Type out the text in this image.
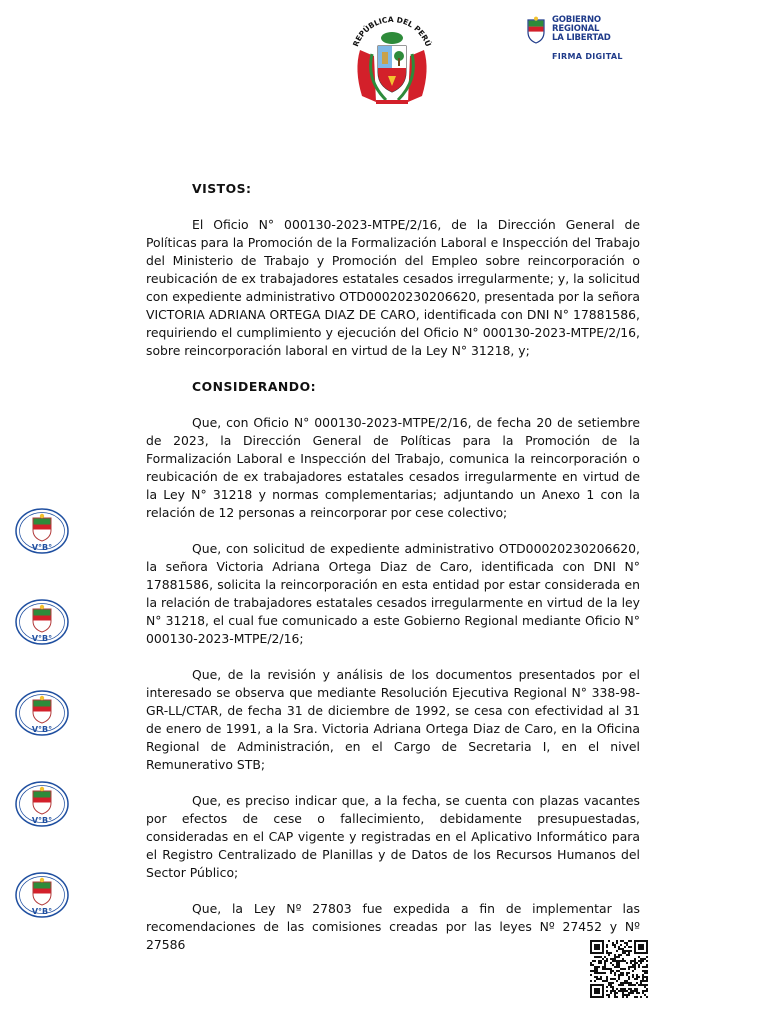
REPÚBLICA DEL PERÚ
GOBIERNO
REGIONAL
LA LIBERTAD
FIRMA DIGITAL

VISTOS:

El Oficio N° 000130-2023-MTPE/2/16, de la Dirección General de Políticas para la Promoción de la Formalización Laboral e Inspección del Trabajo del Ministerio de Trabajo y Promoción del Empleo sobre reincorporación o reubicación de ex trabajadores estatales cesados irregularmente; y, la solicitud con expediente administrativo OTD00020230206620, presentada por la señora VICTORIA ADRIANA ORTEGA DIAZ DE CARO, identificada con DNI N° 17881586, requiriendo el cumplimiento y ejecución del Oficio N° 000130-2023-MTPE/2/16, sobre reincorporación laboral en virtud de la Ley N° 31218, y;

CONSIDERANDO:

Que, con Oficio N° 000130-2023-MTPE/2/16, de fecha 20 de setiembre de 2023, la Dirección General de Políticas para la Promoción de la Formalización Laboral e Inspección del Trabajo, comunica la reincorporación o reubicación de ex trabajadores estatales cesados irregularmente en virtud de la Ley N° 31218 y normas complementarias; adjuntando un Anexo 1 con la relación de 12 personas a reincorporar por cese colectivo;

Que, con solicitud de expediente administrativo OTD00020230206620, la señora Victoria Adriana Ortega Diaz de Caro, identificada con DNI N° 17881586, solicita la reincorporación en esta entidad por estar considerada en la relación de trabajadores estatales cesados irregularmente en virtud de la ley N° 31218, el cual fue comunicado a este Gobierno Regional mediante Oficio N° 000130-2023-MTPE/2/16;

Que, de la revisión y análisis de los documentos presentados por el interesado se observa que mediante Resolución Ejecutiva Regional N° 338-98-GR-LL/CTAR, de fecha 31 de diciembre de 1992, se cesa con efectividad al 31 de enero de 1991, a la Sra. Victoria Adriana Ortega Diaz de Caro, en la Oficina Regional de Administración, en el Cargo de Secretaria I, en el nivel Remunerativo STB;

Que, es preciso indicar que, a la fecha, se cuenta con plazas vacantes por efectos de cese o fallecimiento, debidamente presupuestadas, consideradas en el CAP vigente y registradas en el Aplicativo Informático para el Registro Centralizado de Planillas y de Datos de los Recursos Humanos del Sector Público;

Que, la Ley Nº 27803 fue expedida a fin de implementar las recomendaciones de las comisiones creadas por las leyes Nº 27452 y Nº 27586

V°B°
V°B°
V°B°
V°B°
V°B°
